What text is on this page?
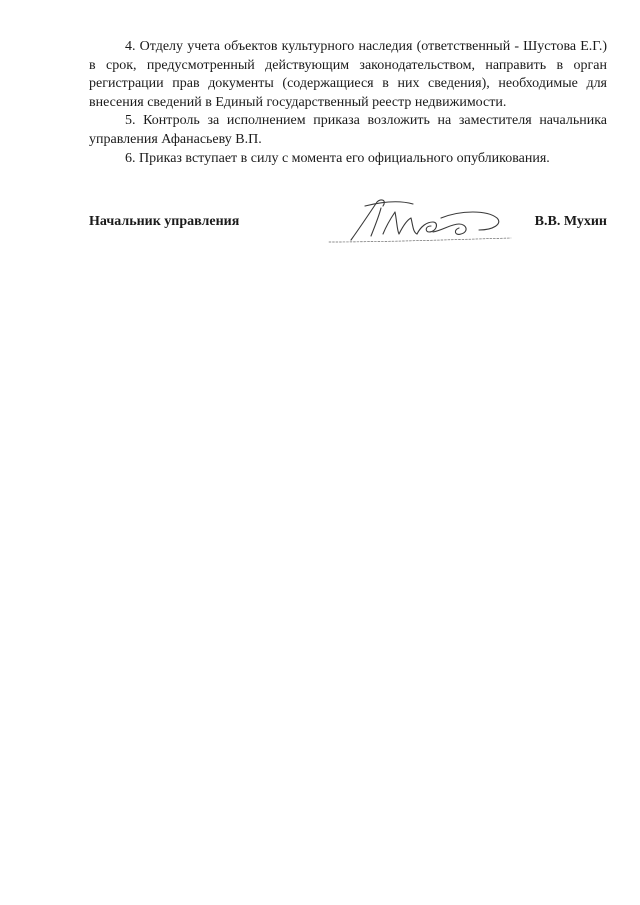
4. Отделу учета объектов культурного наследия (ответственный - Шустова Е.Г.) в срок, предусмотренный действующим законодательством, направить в орган регистрации прав документы (содержащиеся в них сведения), необходимые для внесения сведений в Единый государственный реестр недвижимости.

5. Контроль за исполнением приказа возложить на заместителя начальника управления Афанасьеву В.П.

6. Приказ вступает в силу с момента его официального опубликования.

Начальник управления	В.В. Мухин
